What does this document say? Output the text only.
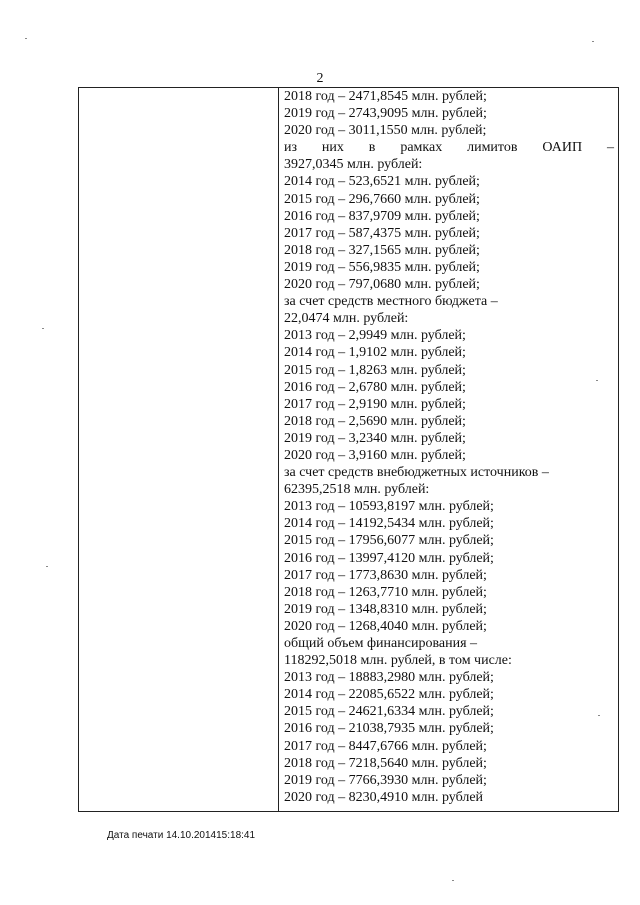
2
2018 год – 2471,8545 млн. рублей;
2019 год – 2743,9095 млн. рублей;
2020 год – 3011,1550 млн. рублей;
из них в рамках лимитов ОАИП –
3927,0345 млн. рублей:
2014 год – 523,6521 млн. рублей;
2015 год – 296,7660 млн. рублей;
2016 год – 837,9709 млн. рублей;
2017 год – 587,4375 млн. рублей;
2018 год – 327,1565 млн. рублей;
2019 год – 556,9835 млн. рублей;
2020 год – 797,0680 млн. рублей;
за счет средств местного бюджета –
22,0474 млн. рублей:
2013 год – 2,9949 млн. рублей;
2014 год – 1,9102 млн. рублей;
2015 год – 1,8263 млн. рублей;
2016 год – 2,6780 млн. рублей;
2017 год – 2,9190 млн. рублей;
2018 год – 2,5690 млн. рублей;
2019 год – 3,2340 млн. рублей;
2020 год – 3,9160 млн. рублей;
за счет средств внебюджетных источников –
62395,2518 млн. рублей:
2013 год – 10593,8197 млн. рублей;
2014 год – 14192,5434 млн. рублей;
2015 год – 17956,6077 млн. рублей;
2016 год – 13997,4120 млн. рублей;
2017 год – 1773,8630 млн. рублей;
2018 год – 1263,7710 млн. рублей;
2019 год – 1348,8310 млн. рублей;
2020 год – 1268,4040 млн. рублей;
общий объем финансирования –
118292,5018 млн. рублей, в том числе:
2013 год – 18883,2980 млн. рублей;
2014 год – 22085,6522 млн. рублей;
2015 год – 24621,6334 млн. рублей;
2016 год – 21038,7935 млн. рублей;
2017 год – 8447,6766 млн. рублей;
2018 год – 7218,5640 млн. рублей;
2019 год – 7766,3930 млн. рублей;
2020 год – 8230,4910 млн. рублей
Дата печати 14.10.201415:18:41
